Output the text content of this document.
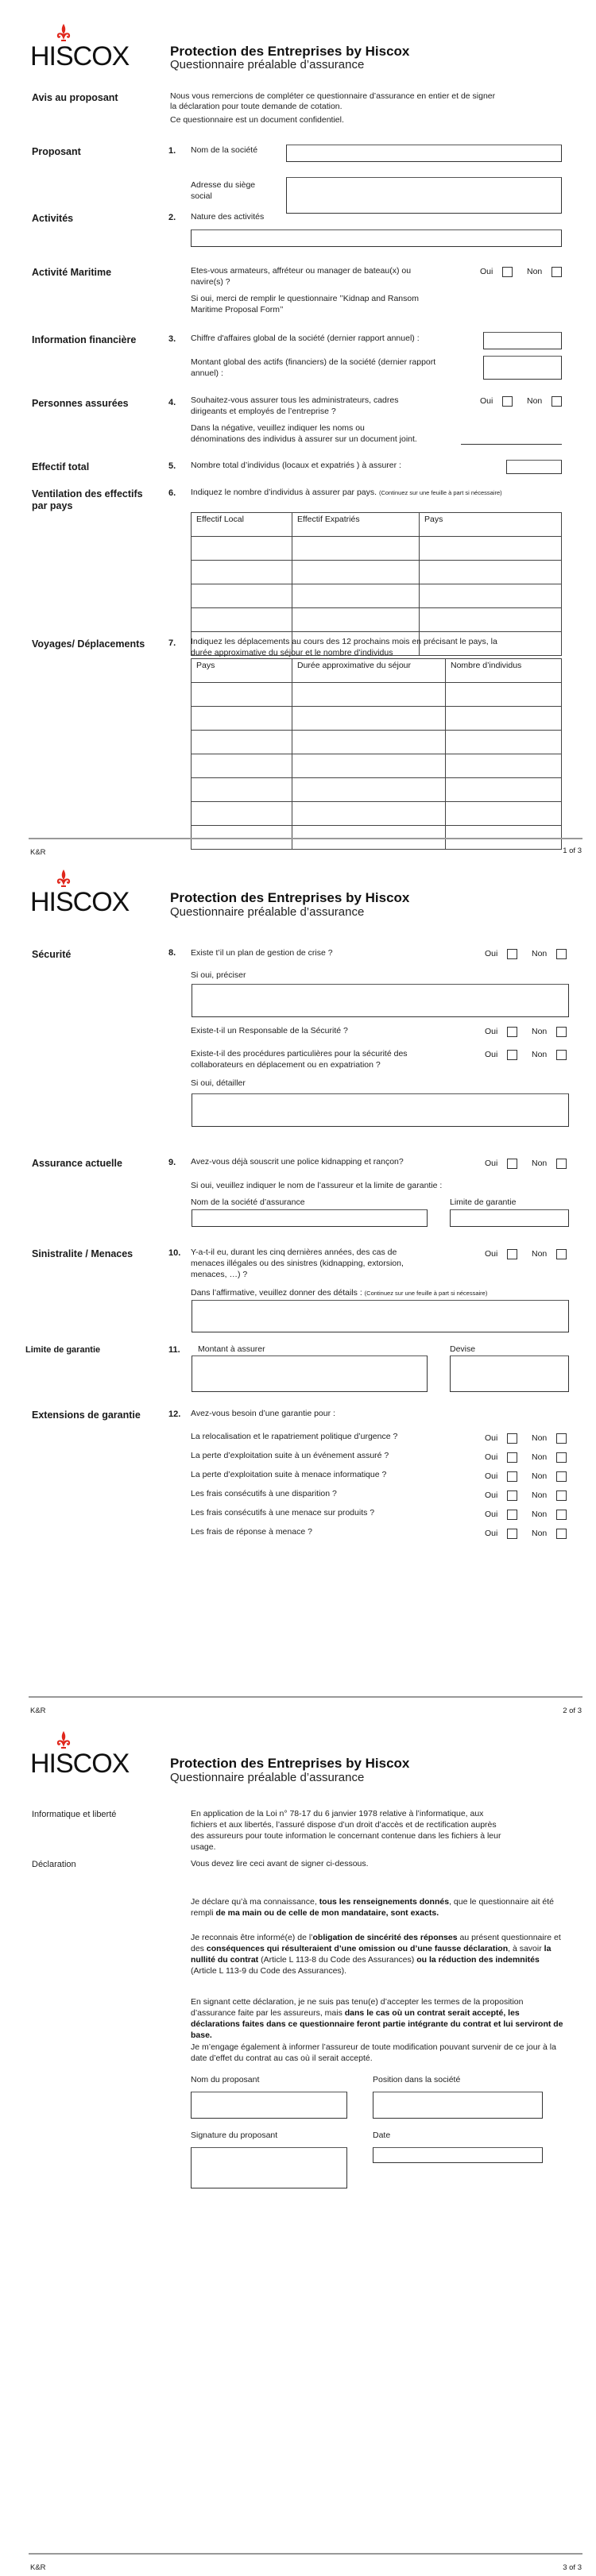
HISCOX	Protection des Entreprises by Hiscox
Questionnaire préalable d’assurance
Avis au proposant	Nous vous remercions de compléter ce questionnaire d’assurance en entier et de signer
la déclaration pour toute demande de cotation.
Ce questionnaire est un document confidentiel.
Proposant	1. Nom de la société
Adresse du siège
social
Activités	2. Nature des activités
Activité Maritime	Etes-vous armateurs, affréteur ou manager de bateau(x) ou
navire(s) ?
Oui	Non
Si oui, merci de remplir le questionnaire ’’Kidnap and Ransom
Maritime Proposal Form’’
Information financière	3. Chiffre d'affaires global de la société (dernier rapport annuel) :
Montant global des actifs (financiers) de la société (dernier rapport
annuel) :
Personnes assurées	4. Souhaitez-vous assurer tous les administrateurs, cadres
dirigeants et employés de l’entreprise ?
Oui	Non
Dans la négative, veuillez indiquer les noms ou
dénominations des individus à assurer sur un document joint.
Effectif total	5. Nombre total d’individus (locaux et expatriés ) à assurer :
Ventilation des effectifs
par pays
6. Indiquez le nombre d’individus à assurer par pays. (Continuez sur une feuille à part si nécessaire)
Effectif Local	Effectif Expatriés	Pays

Voyages/ Déplacements	7. Indiquez les déplacements au cours des 12 prochains mois en précisant le pays, la
durée approximative du séjour et le nombre d’individus
Pays	Durée approximative du séjour	Nombre d’individus

K&R	1 of 3
HISCOX	Protection des Entreprises by Hiscox
Questionnaire préalable d’assurance
Sécurité	8. Existe t’il un plan de gestion de crise ?	Oui	Non
Si oui, préciser
Existe-t-il un Responsable de la Sécurité ?	Oui	Non
Existe-t-il des procédures particulières pour la sécurité des
collaborateurs en déplacement ou en expatriation ?
Oui	Non
Si oui, détailler
Assurance actuelle	9. Avez-vous déjà souscrit une police kidnapping et rançon?	Oui	Non
Si oui, veuillez indiquer le nom de l’assureur et la limite de garantie :
Nom de la société d’assurance	Limite de garantie
Sinistralite / Menaces	10. Y-a-t-il eu, durant les cinq dernières années, des cas de
menaces illégales ou des sinistres (kidnapping, extorsion,
menaces, …) ?
Oui	Non
Dans l’affirmative, veuillez donner des détails : (Continuez sur une feuille à part si nécessaire)
Limite de garantie	11. Montant à assurer	Devise
Extensions de garantie	12. Avez-vous besoin d’une garantie pour :
La relocalisation et le rapatriement politique d’urgence ?	Oui	Non
La perte d’exploitation suite à un événement assuré ?	Oui	Non
La perte d’exploitation suite à menace informatique ?	Oui	Non
Les frais consécutifs à une disparition ?	Oui	Non
Les frais consécutifs à une menace sur produits ?	Oui	Non
Les frais de réponse à menace ?	Oui	Non
K&R	2 of 3
HISCOX	Protection des Entreprises by Hiscox
Questionnaire préalable d’assurance
Informatique et liberté	En application de la Loi n° 78-17 du 6 janvier 1978 relative à l’informatique, aux
fichiers et aux libertés, l’assuré dispose d’un droit d’accès et de rectification auprès
des assureurs pour toute information le concernant contenue dans les fichiers à leur
usage.
Déclaration	Vous devez lire ceci avant de signer ci-dessous.
Je déclare qu’à ma connaissance, tous les renseignements donnés, que le questionnaire ait été rempli de ma main ou de celle de mon mandataire, sont exacts.
Je reconnais être informé(e) de l’obligation de sincérité des réponses au présent questionnaire et des conséquences qui résulteraient d’une omission ou d’une fausse déclaration, à savoir la nullité du contrat (Article L 113-8 du Code des Assurances) ou la réduction des indemnités (Article L 113-9 du Code des Assurances).
En signant cette déclaration, je ne suis pas tenu(e) d’accepter les termes de la proposition d’assurance faite par les assureurs, mais dans le cas où un contrat serait accepté, les déclarations faites dans ce questionnaire feront partie intégrante du contrat et lui serviront de base.
Je m’engage également à informer l’assureur de toute modification pouvant survenir de ce jour à la date d’effet du contrat au cas où il serait accepté.
Nom du proposant	Position dans la société
Signature du proposant	Date
K&R	3 of 3
